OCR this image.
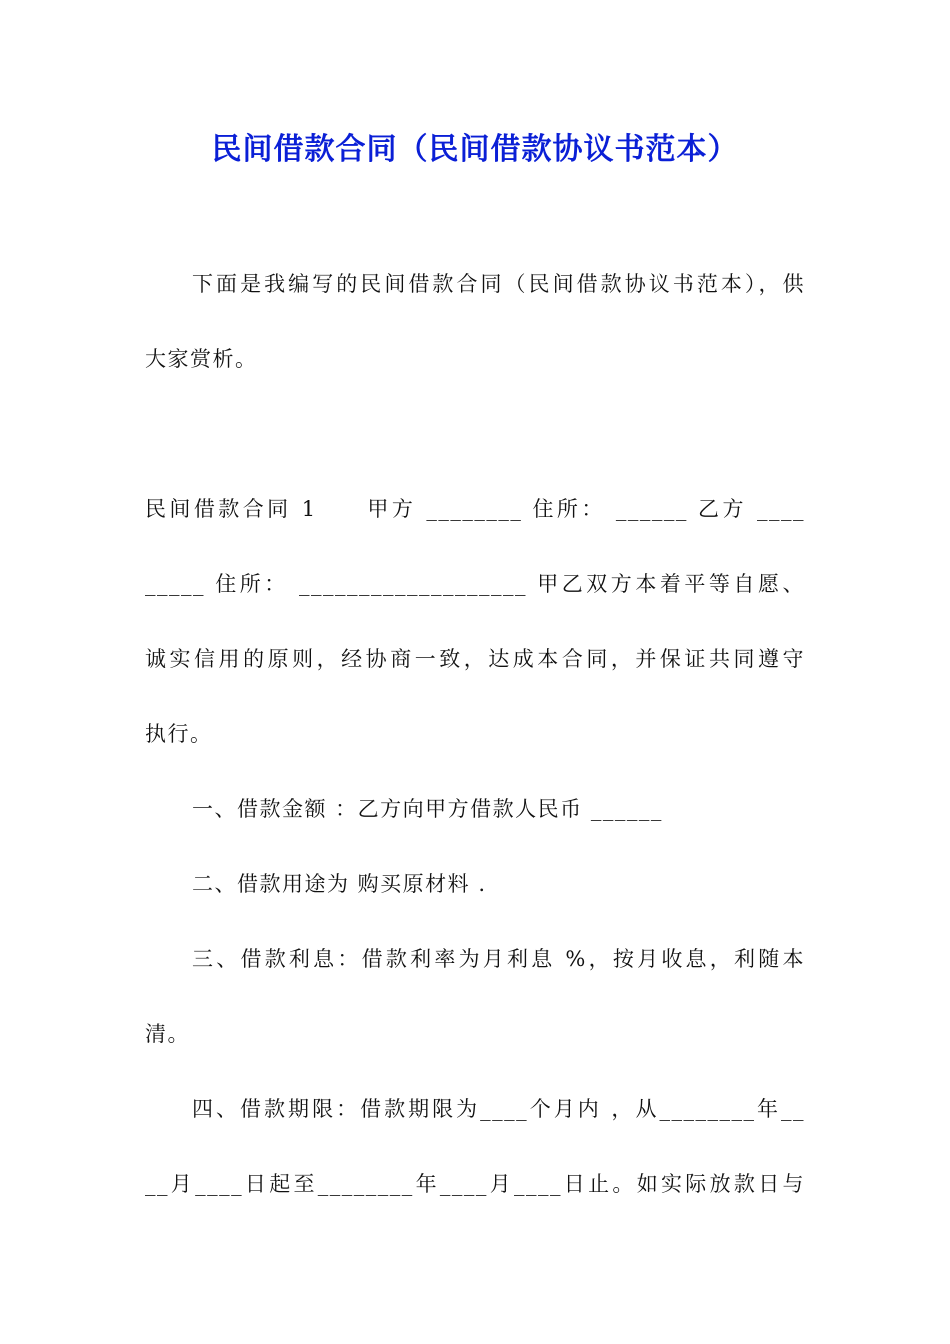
民间借款合同（民间借款协议书范本）
下面是我编写的民间借款合同（民间借款协议书范本），供
大家赏析。
民间借款合同 1　　甲方 ________ 住所： ______ 乙方 ____
_____ 住所： ___________________ 甲乙双方本着平等自愿、
诚实信用的原则，经协商一致，达成本合同，并保证共同遵守
执行。
一、借款金额 ：乙方向甲方借款人民币 ______
二、借款用途为 购买原材料 .
三、借款利息：借款利率为月利息 %，按月收息，利随本
清。
四、借款期限：借款期限为____个月内 ，从________年__
__月____日起至________年____月____日止。如实际放款日与
